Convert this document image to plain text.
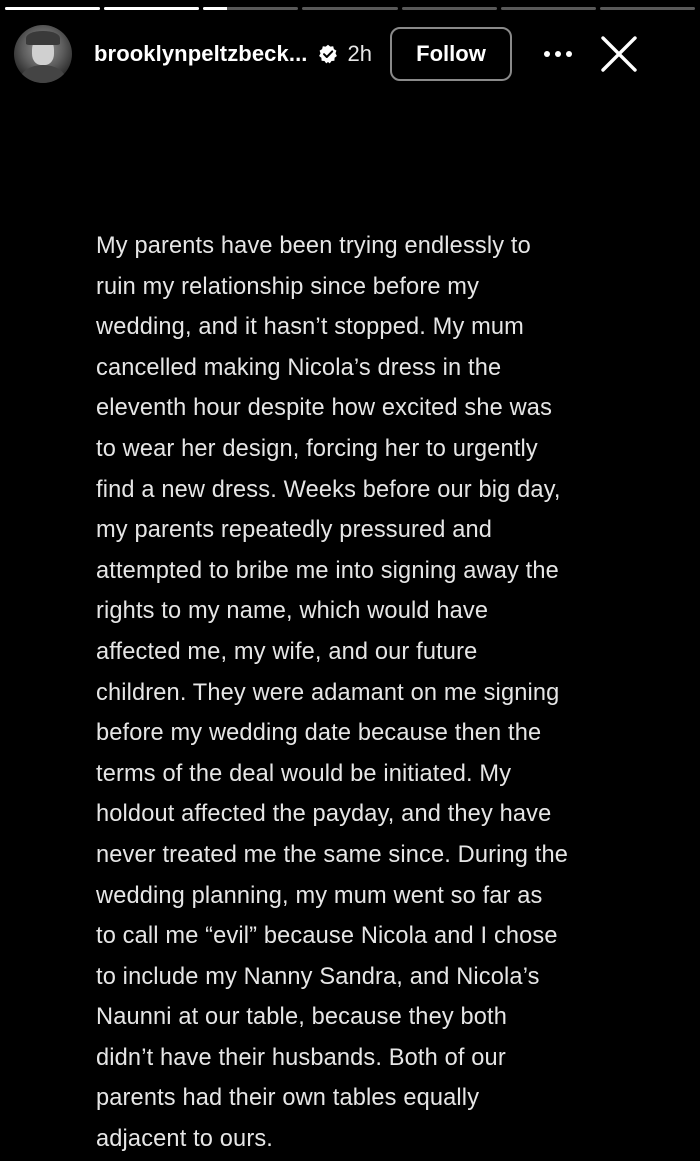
brooklynpeltzbeck... 2h	Follow
My parents have been trying endlessly to
ruin my relationship since before my
wedding, and it hasn’t stopped. My mum
cancelled making Nicola’s dress in the
eleventh hour despite how excited she was
to wear her design, forcing her to urgently
find a new dress. Weeks before our big day,
my parents repeatedly pressured and
attempted to bribe me into signing away the
rights to my name, which would have
affected me, my wife, and our future
children. They were adamant on me signing
before my wedding date because then the
terms of the deal would be initiated. My
holdout affected the payday, and they have
never treated me the same since. During the
wedding planning, my mum went so far as
to call me “evil” because Nicola and I chose
to include my Nanny Sandra, and Nicola’s
Naunni at our table, because they both
didn’t have their husbands. Both of our
parents had their own tables equally
adjacent to ours.
